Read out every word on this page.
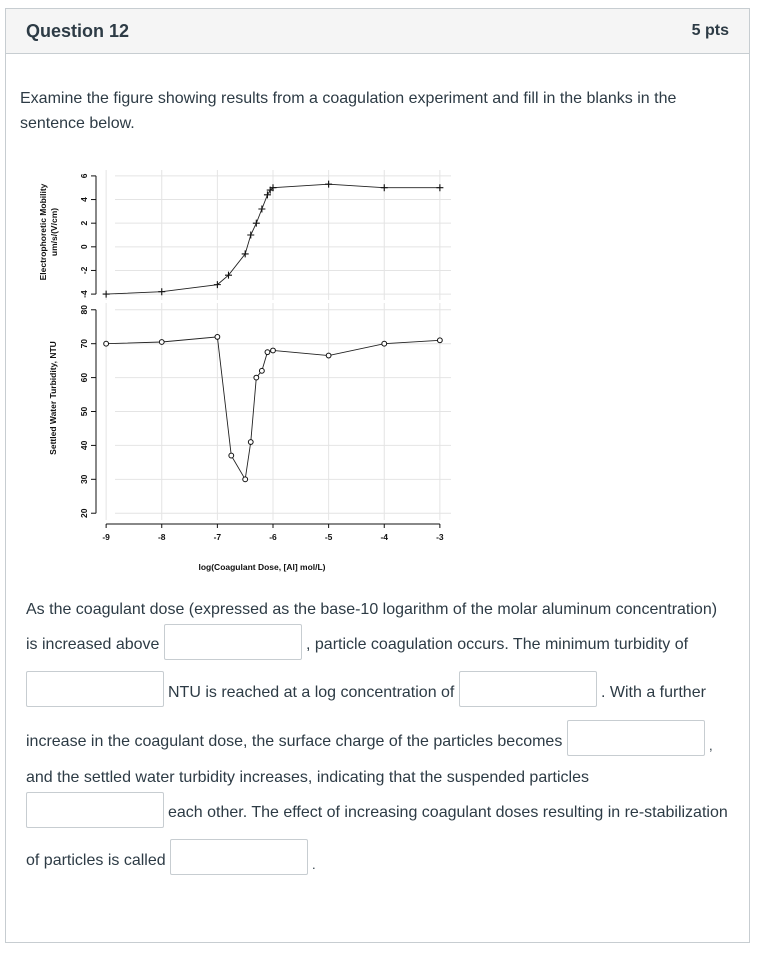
Question 12	5 pts
Examine the figure showing results from a coagulation experiment and fill in the blanks in the sentence below.
-4
-2
0
2
4
6
20
30
40
50
60
70
80
-9	-8	-7	-6	-5	-4	-3
Electrophoretic Mobility um/s/(V/cm)
Settled Water Turbidity, NTU
log(Coagulant Dose, [Al] mol/L)
As the coagulant dose (expressed as the base-10 logarithm of the molar aluminum concentration)
is increased above	, particle coagulation occurs. The minimum turbidity of
NTU is reached at a log concentration of	. With a further
increase in the coagulant dose, the surface charge of the particles becomes	,
and the settled water turbidity increases, indicating that the suspended particles
each other. The effect of increasing coagulant doses resulting in re-stabilization
of particles is called	.
